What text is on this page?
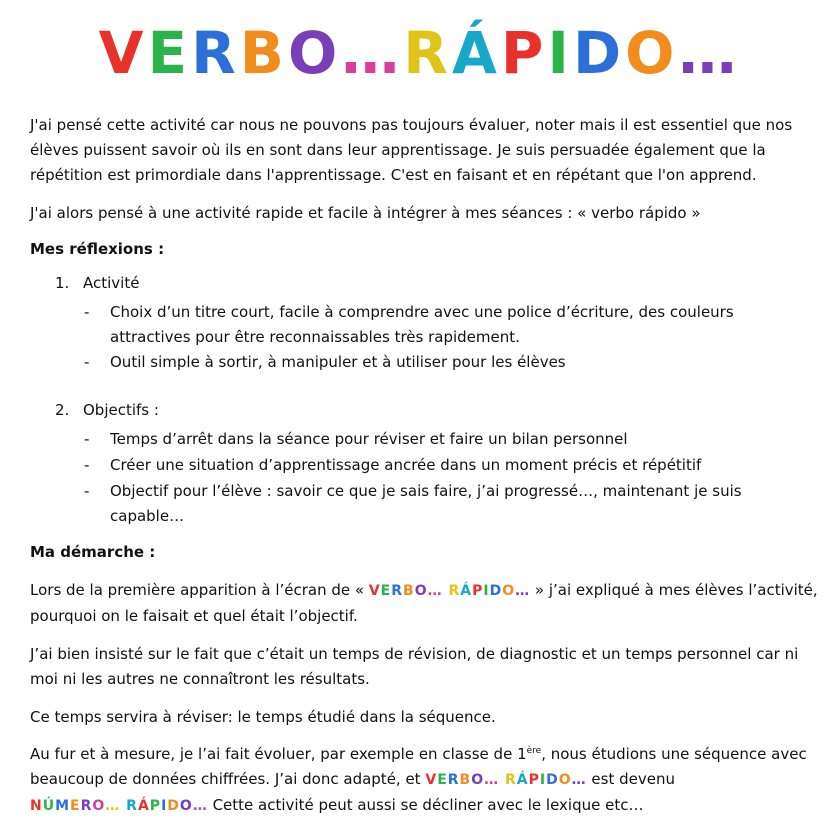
VERBO…RÁPIDO…

J'ai pensé cette activité car nous ne pouvons pas toujours évaluer, noter mais il est essentiel que nos élèves puissent savoir où ils en sont dans leur apprentissage. Je suis persuadée également que la répétition est primordiale dans l'apprentissage. C'est en faisant et en répétant que l'on apprend.

J'ai alors pensé à une activité rapide et facile à intégrer à mes séances : « verbo rápido »

Mes réflexions :
1. Activité
- Choix d’un titre court, facile à comprendre avec une police d’écriture, des couleurs attractives pour être reconnaissables très rapidement.
- Outil simple à sortir, à manipuler et à utiliser pour les élèves
2. Objectifs :
- Temps d’arrêt dans la séance pour réviser et faire un bilan personnel
- Créer une situation d’apprentissage ancrée dans un moment précis et répétitif
- Objectif pour l’élève : savoir ce que je sais faire, j’ai progressé…, maintenant je suis capable…
Ma démarche :

Lors de la première apparition à l’écran de « VERBO… RÁPIDO… » j’ai expliqué à mes élèves l’activité, pourquoi on le faisait et quel était l’objectif.

J’ai bien insisté sur le fait que c’était un temps de révision, de diagnostic et un temps personnel car ni moi ni les autres ne connaîtront les résultats.

Ce temps servira à réviser: le temps étudié dans la séquence.

Au fur et à mesure, je l’ai fait évoluer, par exemple en classe de 1ère, nous étudions une séquence avec beaucoup de données chiffrées. J’ai donc adapté, et VERBO… RÁPIDO… est devenu NÚMERO… RÁPIDO… Cette activité peut aussi se décliner avec le lexique etc…
